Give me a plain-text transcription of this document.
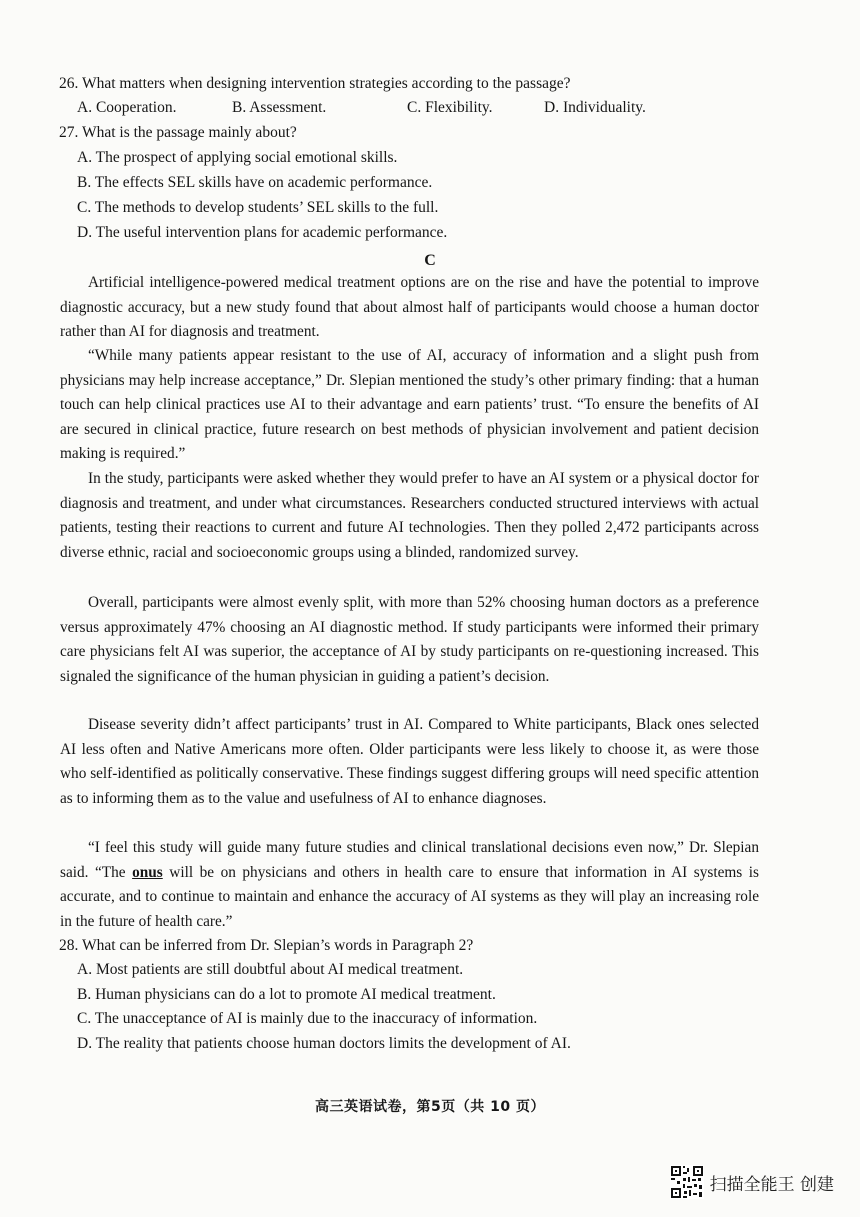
26. What matters when designing intervention strategies according to the passage?
A. Cooperation.	B. Assessment.	C. Flexibility.	D. Individuality.
27. What is the passage mainly about?
A. The prospect of applying social emotional skills.
B. The effects SEL skills have on academic performance.
C. The methods to develop students’ SEL skills to the full.
D. The useful intervention plans for academic performance.
C

Artificial intelligence-powered medical treatment options are on the rise and have the potential to improve diagnostic accuracy, but a new study found that about almost half of participants would choose a human doctor rather than AI for diagnosis and treatment.

“While many patients appear resistant to the use of AI, accuracy of information and a slight push from physicians may help increase acceptance,” Dr. Slepian mentioned the study’s other primary finding: that a human touch can help clinical practices use AI to their advantage and earn patients’ trust. “To ensure the benefits of AI are secured in clinical practice, future research on best methods of physician involvement and patient decision making is required.”

In the study, participants were asked whether they would prefer to have an AI system or a physical doctor for diagnosis and treatment, and under what circumstances. Researchers conducted structured interviews with actual patients, testing their reactions to current and future AI technologies. Then they polled 2,472 participants across diverse ethnic, racial and socioeconomic groups using a blinded, randomized survey.

Overall, participants were almost evenly split, with more than 52% choosing human doctors as a preference versus approximately 47% choosing an AI diagnostic method. If study participants were informed their primary care physicians felt AI was superior, the acceptance of AI by study participants on re-questioning increased. This signaled the significance of the human physician in guiding a patient’s decision.

Disease severity didn’t affect participants’ trust in AI. Compared to White participants, Black ones selected AI less often and Native Americans more often. Older participants were less likely to choose it, as were those who self-identified as politically conservative. These findings suggest differing groups will need specific attention as to informing them as to the value and usefulness of AI to enhance diagnoses.

“I feel this study will guide many future studies and clinical translational decisions even now,” Dr. Slepian said. “The onus will be on physicians and others in health care to ensure that information in AI systems is accurate, and to continue to maintain and enhance the accuracy of AI systems as they will play an increasing role in the future of health care.”

28. What can be inferred from Dr. Slepian’s words in Paragraph 2?
A. Most patients are still doubtful about AI medical treatment.
B. Human physicians can do a lot to promote AI medical treatment.
C. The unacceptance of AI is mainly due to the inaccuracy of information.
D. The reality that patients choose human doctors limits the development of AI.
高三英语试卷，第5页（共 10 页）
扫描全能王 创建
